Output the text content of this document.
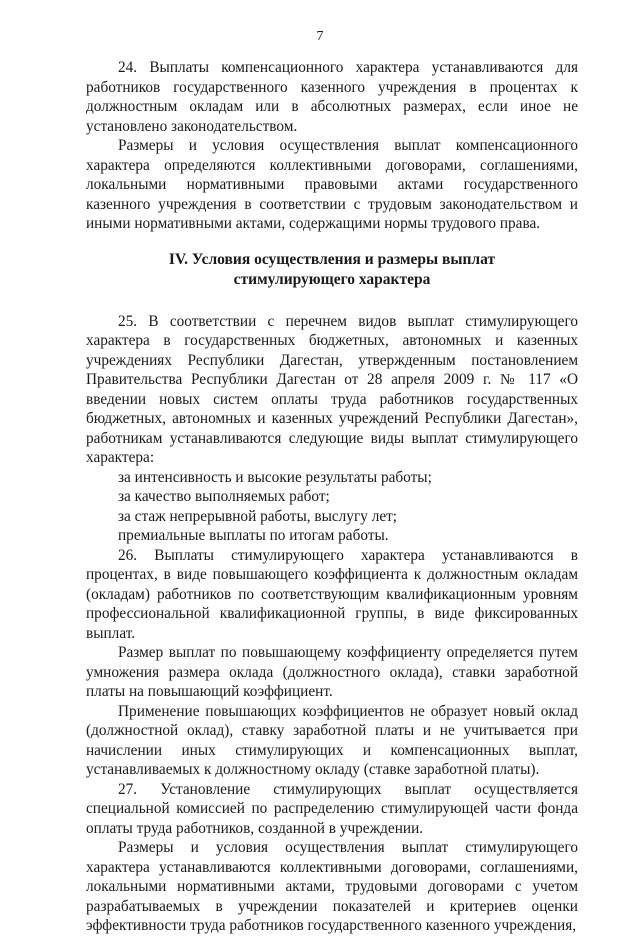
7

24. Выплаты компенсационного характера устанавливаются для работников государственного казенного учреждения в процентах к должностным окладам или в абсолютных размерах, если иное не установлено законодательством.

Размеры и условия осуществления выплат компенсационного характера определяются коллективными договорами, соглашениями, локальными нормативными правовыми актами государственного казенного учреждения в соответствии с трудовым законодательством и иными нормативными актами, содержащими нормы трудового права.

IV. Условия осуществления и размеры выплат
стимулирующего характера

25. В соответствии с перечнем видов выплат стимулирующего характера в государственных бюджетных, автономных и казенных учреждениях Республики Дагестан, утвержденным постановлением Правительства Республики Дагестан от 28 апреля 2009 г. № 117 «О введении новых систем оплаты труда работников государственных бюджетных, автономных и казенных учреждений Республики Дагестан», работникам устанавливаются следующие виды выплат стимулирующего характера:

за интенсивность и высокие результаты работы;

за качество выполняемых работ;

за стаж непрерывной работы, выслугу лет;

премиальные выплаты по итогам работы.

26. Выплаты стимулирующего характера устанавливаются в процентах, в виде повышающего коэффициента к должностным окладам (окладам) работников по соответствующим квалификационным уровням профессиональной квалификационной группы, в виде фиксированных выплат.

Размер выплат по повышающему коэффициенту определяется путем умножения размера оклада (должностного оклада), ставки заработной платы на повышающий коэффициент.

Применение повышающих коэффициентов не образует новый оклад (должностной оклад), ставку заработной платы и не учитывается при начислении иных стимулирующих и компенсационных выплат, устанавливаемых к должностному окладу (ставке заработной платы).

27. Установление стимулирующих выплат осуществляется специальной комиссией по распределению стимулирующей части фонда оплаты труда работников, созданной в учреждении.

Размеры и условия осуществления выплат стимулирующего характера устанавливаются коллективными договорами, соглашениями, локальными нормативными актами, трудовыми договорами с учетом разрабатываемых в учреждении показателей и критериев оценки эффективности труда работников государственного казенного учреждения,
